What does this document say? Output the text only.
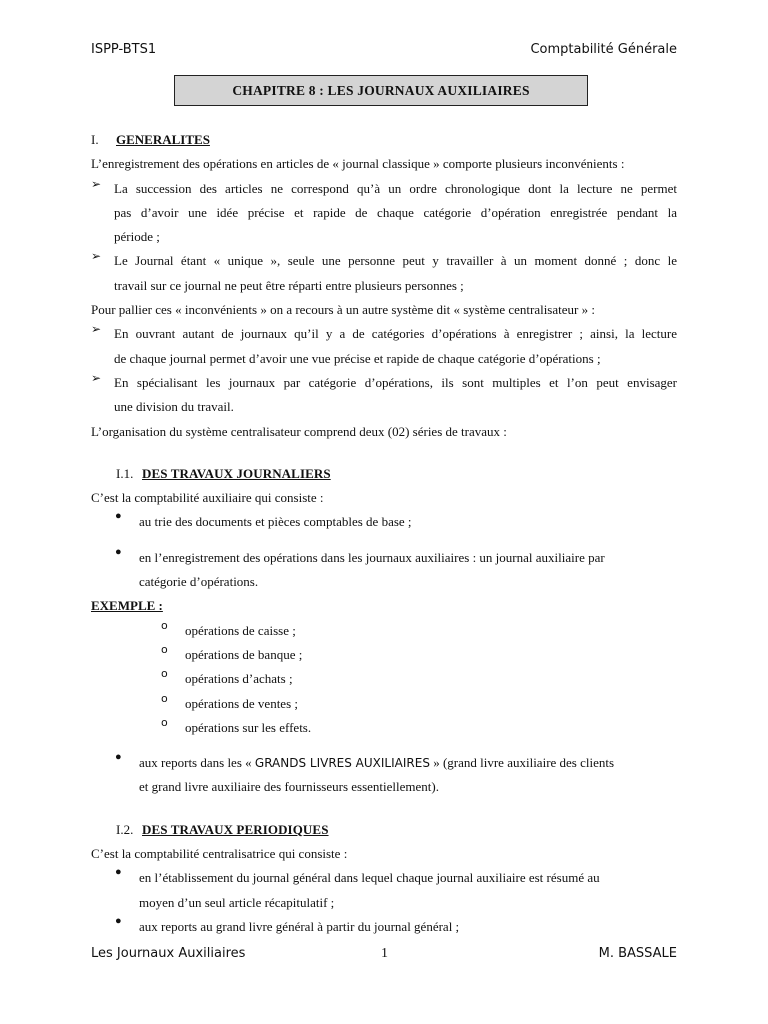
ISPP-BTS1	Comptabilité Générale
CHAPITRE 8 : LES JOURNAUX AUXILIAIRES
I. GENERALITES
L’enregistrement des opérations en articles de « journal classique » comporte plusieurs inconvénients :
➢ La succession des articles ne correspond qu’à un ordre chronologique dont la lecture ne permet
pas d’avoir une idée précise et rapide de chaque catégorie d’opération enregistrée pendant la
période ;
➢ Le Journal étant « unique », seule une personne peut y travailler à un moment donné ; donc le
travail sur ce journal ne peut être réparti entre plusieurs personnes ;
Pour pallier ces « inconvénients » on a recours à un autre système dit « système centralisateur » :
➢ En ouvrant autant de journaux qu’il y a de catégories d’opérations à enregistrer ; ainsi, la lecture
de chaque journal permet d’avoir une vue précise et rapide de chaque catégorie d’opérations ;
➢ En spécialisant les journaux par catégorie d’opérations, ils sont multiples et l’on peut envisager
une division du travail.
L’organisation du système centralisateur comprend deux (02) séries de travaux :
I.1. DES TRAVAUX JOURNALIERS
C’est la comptabilité auxiliaire qui consiste :
● au trie des documents et pièces comptables de base ;
● en l’enregistrement des opérations dans les journaux auxiliaires : un journal auxiliaire par
catégorie d’opérations.
EXEMPLE :
o opérations de caisse ;
o opérations de banque ;
o opérations d’achats ;
o opérations de ventes ;
o opérations sur les effets.
● aux reports dans les « GRANDS LIVRES AUXILIAIRES » (grand livre auxiliaire des clients
et grand livre auxiliaire des fournisseurs essentiellement).
I.2. DES TRAVAUX PERIODIQUES
C’est la comptabilité centralisatrice qui consiste :
● en l’établissement du journal général dans lequel chaque journal auxiliaire est résumé au
moyen d’un seul article récapitulatif ;
● aux reports au grand livre général à partir du journal général ;
Les Journaux Auxiliaires	1	M. BASSALE
